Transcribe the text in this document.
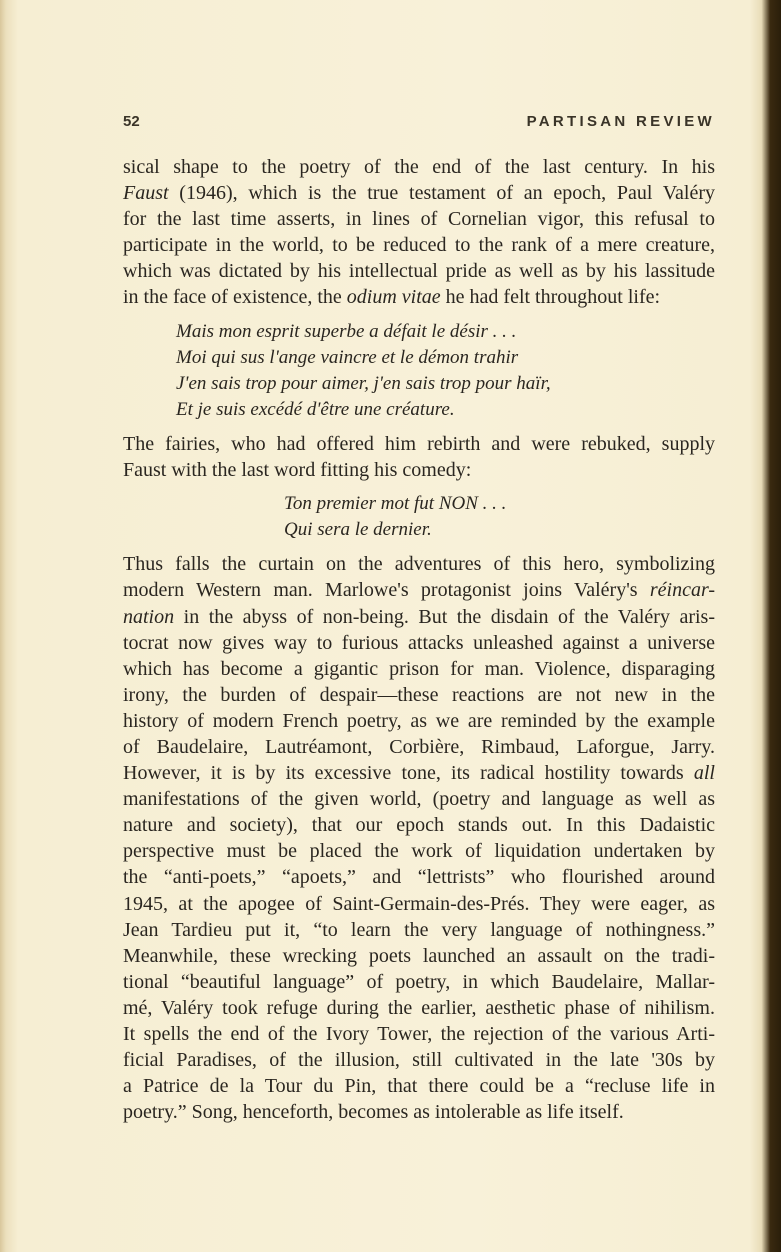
52	PARTISAN REVIEW
sical shape to the poetry of the end of the last century. In his
Faust (1946), which is the true testament of an epoch, Paul Valéry
for the last time asserts, in lines of Cornelian vigor, this refusal to
participate in the world, to be reduced to the rank of a mere creature,
which was dictated by his intellectual pride as well as by his lassitude
in the face of existence, the odium vitae he had felt throughout life:
Mais mon esprit superbe a défait le désir . . .
Moi qui sus l'ange vaincre et le démon trahir
J'en sais trop pour aimer, j'en sais trop pour haïr,
Et je suis excédé d'être une créature.
The fairies, who had offered him rebirth and were rebuked, supply
Faust with the last word fitting his comedy:
Ton premier mot fut NON . . .
Qui sera le dernier.
Thus falls the curtain on the adventures of this hero, symbolizing
modern Western man. Marlowe's protagonist joins Valéry's réincar-
nation in the abyss of non-being. But the disdain of the Valéry aris-
tocrat now gives way to furious attacks unleashed against a universe
which has become a gigantic prison for man. Violence, disparaging
irony, the burden of despair—these reactions are not new in the
history of modern French poetry, as we are reminded by the example
of Baudelaire, Lautréamont, Corbière, Rimbaud, Laforgue, Jarry.
However, it is by its excessive tone, its radical hostility towards all
manifestations of the given world, (poetry and language as well as
nature and society), that our epoch stands out. In this Dadaistic
perspective must be placed the work of liquidation undertaken by
the “anti-poets,” “apoets,” and “lettrists” who flourished around
1945, at the apogee of Saint-Germain-des-Prés. They were eager, as
Jean Tardieu put it, “to learn the very language of nothingness.”
Meanwhile, these wrecking poets launched an assault on the tradi-
tional “beautiful language” of poetry, in which Baudelaire, Mallar-
mé, Valéry took refuge during the earlier, aesthetic phase of nihilism.
It spells the end of the Ivory Tower, the rejection of the various Arti-
ficial Paradises, of the illusion, still cultivated in the late '30s by
a Patrice de la Tour du Pin, that there could be a “recluse life in
poetry.” Song, henceforth, becomes as intolerable as life itself.
